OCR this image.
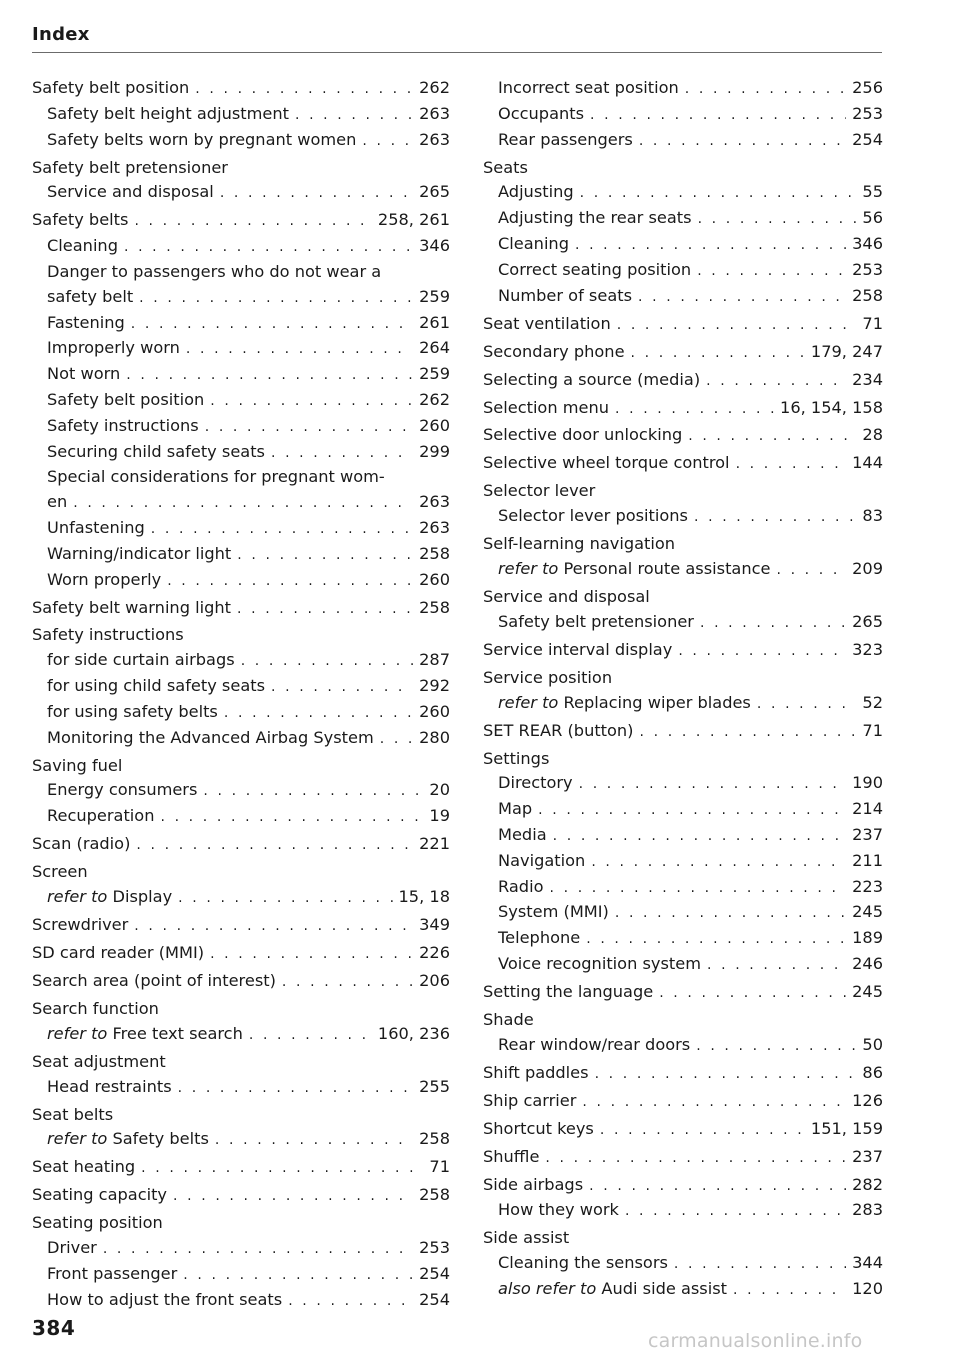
Index
Safety belt position . . .	262
Safety belt height adjustment . . .	263
Safety belts worn by pregnant women . . .	263
Safety belt pretensioner
Service and disposal . . .	265
Safety belts . . .	258, 261
Cleaning . . .	346
Danger to passengers who do not wear a
safety belt . . .	259
Fastening . . .	261
Improperly worn . . .	264
Not worn . . .	259
Safety belt position . . .	262
Safety instructions . . .	260
Securing child safety seats . . .	299
Special considerations for pregnant wom-
en . . .	263
Unfastening . . .	263
Warning/indicator light . . .	258
Worn properly . . .	260
Safety belt warning light . . .	258
Safety instructions
for side curtain airbags . . .	287
for using child safety seats . . .	292
for using safety belts . . .	260
Monitoring the Advanced Airbag System . . .	280
Saving fuel
Energy consumers . . .	20
Recuperation . . .	19
Scan (radio) . . .	221
Screen
refer to Display . . .	15, 18
Screwdriver . . .	349
SD card reader (MMI) . . .	226
Search area (point of interest) . . .	206
Search function
refer to Free text search . . .	160, 236
Seat adjustment
Head restraints . . .	255
Seat belts
refer to Safety belts . . .	258
Seat heating . . .	71
Seating capacity . . .	258
Seating position
Driver . . .	253
Front passenger . . .	254
How to adjust the front seats . . .	254
Incorrect seat position . . .	256
Occupants . . .	253
Rear passengers . . .	254
Seats
Adjusting . . .	55
Adjusting the rear seats . . .	56
Cleaning . . .	346
Correct seating position . . .	253
Number of seats . . .	258
Seat ventilation . . .	71
Secondary phone . . .	179, 247
Selecting a source (media) . . .	234
Selection menu . . .	16, 154, 158
Selective door unlocking . . .	28
Selective wheel torque control . . .	144
Selector lever
Selector lever positions . . .	83
Self-learning navigation
refer to Personal route assistance . . .	209
Service and disposal
Safety belt pretensioner . . .	265
Service interval display . . .	323
Service position
refer to Replacing wiper blades . . .	52
SET REAR (button) . . .	71
Settings
Directory . . .	190
Map . . .	214
Media . . .	237
Navigation . . .	211
Radio . . .	223
System (MMI) . . .	245
Telephone . . .	189
Voice recognition system . . .	246
Setting the language . . .	245
Shade
Rear window/rear doors . . .	50
Shift paddles . . .	86
Ship carrier . . .	126
Shortcut keys . . .	151, 159
Shuffle . . .	237
Side airbags . . .	282
How they work . . .	283
Side assist
Cleaning the sensors . . .	344
also refer to Audi side assist . . .	120
384
carmanualsonline.info
